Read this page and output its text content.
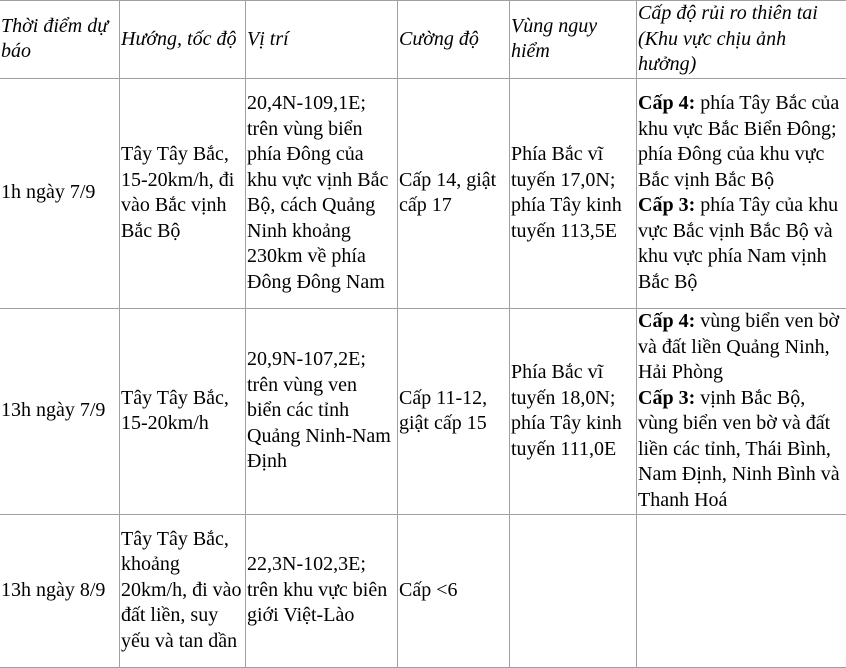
Thời điểm dự báo	Hướng, tốc độ	Vị trí	Cường độ	Vùng nguy hiểm	Cấp độ rủi ro thiên tai (Khu vực chịu ảnh hưởng)
1h ngày 7/9	Tây Tây Bắc, 15-20km/h, đi vào Bắc vịnh Bắc Bộ	20,4N-109,1E; trên vùng biển phía Đông của khu vực vịnh Bắc Bộ, cách Quảng Ninh khoảng 230km về phía Đông Đông Nam	Cấp 14, giật  cấp 17	Phía Bắc vĩ tuyến 17,0N; phía Tây kinh tuyến 113,5E	Cấp 4: phía Tây Bắc của khu vực Bắc Biển Đông; phía Đông của khu vực Bắc vịnh Bắc Bộ
Cấp 3: phía Tây của khu vực Bắc vịnh Bắc Bộ và khu vực phía Nam vịnh Bắc Bộ

13h ngày 7/9	Tây Tây Bắc, 15-20km/h	20,9N-107,2E; trên vùng ven biển các tỉnh Quảng Ninh-Nam Định	Cấp 11-12, giật cấp 15	Phía Bắc vĩ tuyến 18,0N; phía Tây kinh tuyến 111,0E	Cấp 4: vùng biển ven bờ và đất liền Quảng Ninh, Hải Phòng
Cấp 3: vịnh Bắc Bộ, vùng biển ven bờ và đất liền các tỉnh, Thái Bình, Nam Định, Ninh Bình và Thanh Hoá

13h ngày 8/9	Tây Tây Bắc, khoảng 20km/h, đi vào đất liền, suy yếu và tan dần	22,3N-102,3E; trên khu vực biên giới Việt-Lào	Cấp <6		
